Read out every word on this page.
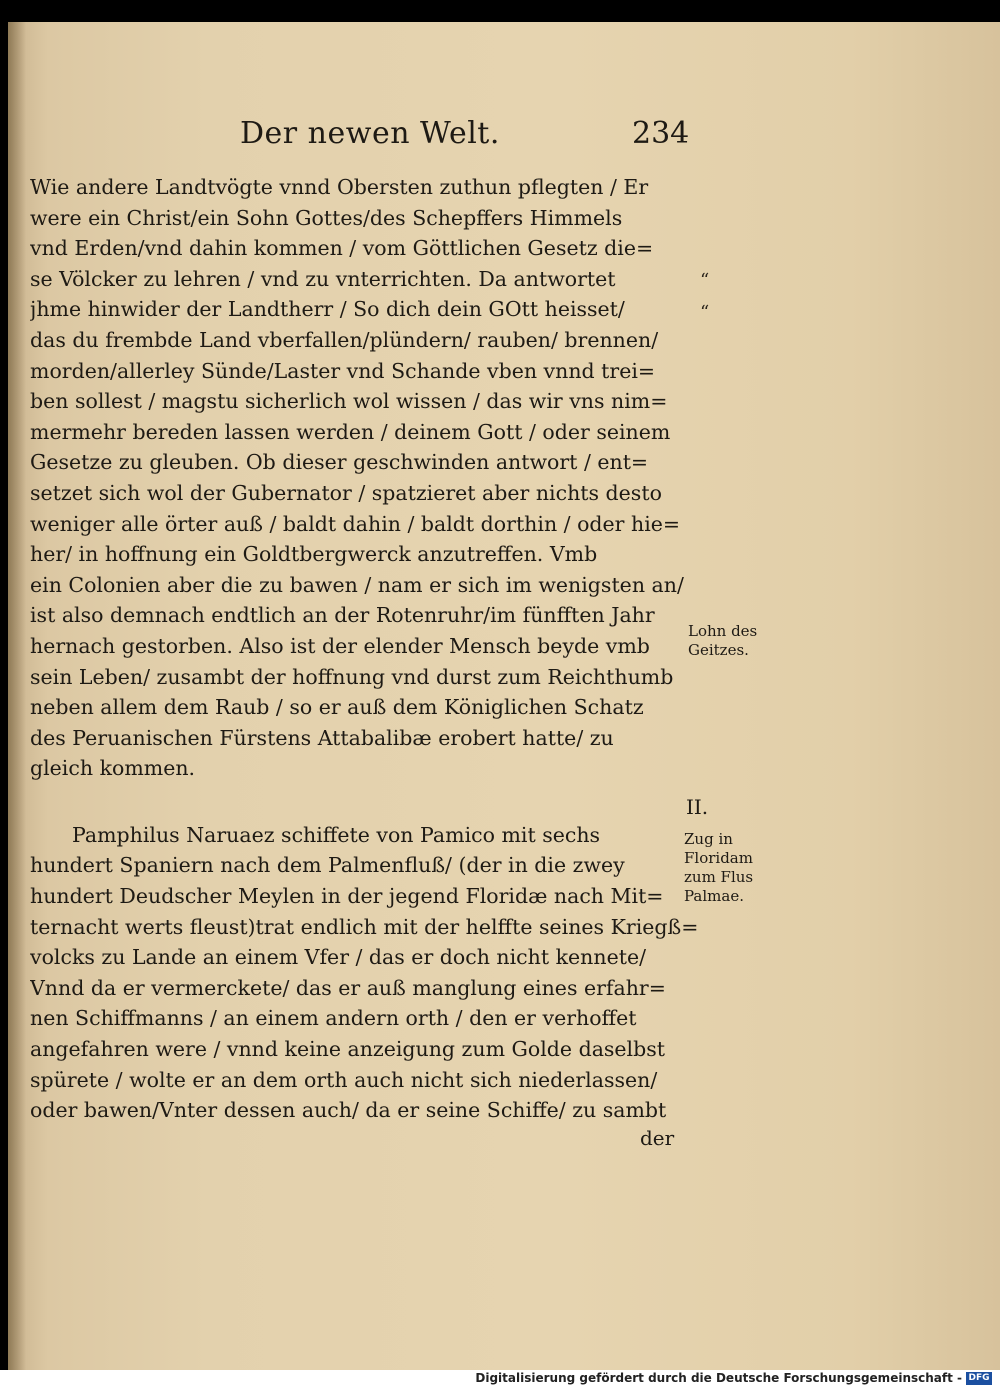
Der newen Welt.	234
Wie andere Landtvögte vnnd Obersten zuthun pflegten / Er
were ein Christ/ein Sohn Gottes/des Schepffers Himmels
vnd Erden/vnd dahin kommen / vom Göttlichen Gesetz die=
se Völcker zu lehren / vnd zu vnterrichten. Da antwortet
jhme hinwider der Landtherr / So dich dein GOtt heisset/
das du frembde Land vberfallen/plündern/ rauben/ brennen/
morden/allerley Sünde/Laster vnd Schande vben vnnd trei=
ben sollest / magstu sicherlich wol wissen / das wir vns nim=
mermehr bereden lassen werden / deinem Gott / oder seinem
Gesetze zu gleuben. Ob dieser geschwinden antwort / ent=
setzet sich wol der Gubernator / spatzieret aber nichts desto
weniger alle örter auß / baldt dahin / baldt dorthin / oder hie=
her/ in hoffnung ein Goldtbergwerck anzutreffen. Vmb
ein Colonien aber die zu bawen / nam er sich im wenigsten an/
ist also demnach endtlich an der Rotenruhr/im fünfften Jahr
hernach gestorben. Also ist der elender Mensch beyde vmb
sein Leben/ zusambt der hoffnung vnd durst zum Reichthumb
neben allem dem Raub / so er auß dem Königlichen Schatz
des Peruanischen Fürstens Attabalibæ erobert hatte/ zu
gleich kommen.
Pamphilus Naruaez schiffete von Pamico mit sechs
hundert Spaniern nach dem Palmenfluß/ (der in die zwey
hundert Deudscher Meylen in der jegend Floridæ nach Mit=
ternacht werts fleust)trat endlich mit der helffte seines Kriegß=
volcks zu Lande an einem Vfer / das er doch nicht kennete/
Vnnd da er vermerckete/ das er auß manglung eines erfahr=
nen Schiffmanns / an einem andern orth / den er verhoffet
angefahren were / vnnd keine anzeigung zum Golde daselbst
spürete / wolte er an dem orth auch nicht sich niederlassen/
oder bawen/Vnter dessen auch/ da er seine Schiffe/ zu sambt
“
“
Lohn des
Geitzes.
II.
Zug in
Floridam
zum Flus
Palmae.
der
Digitalisierung gefördert durch die Deutsche Forschungsgemeinschaft - DFG
